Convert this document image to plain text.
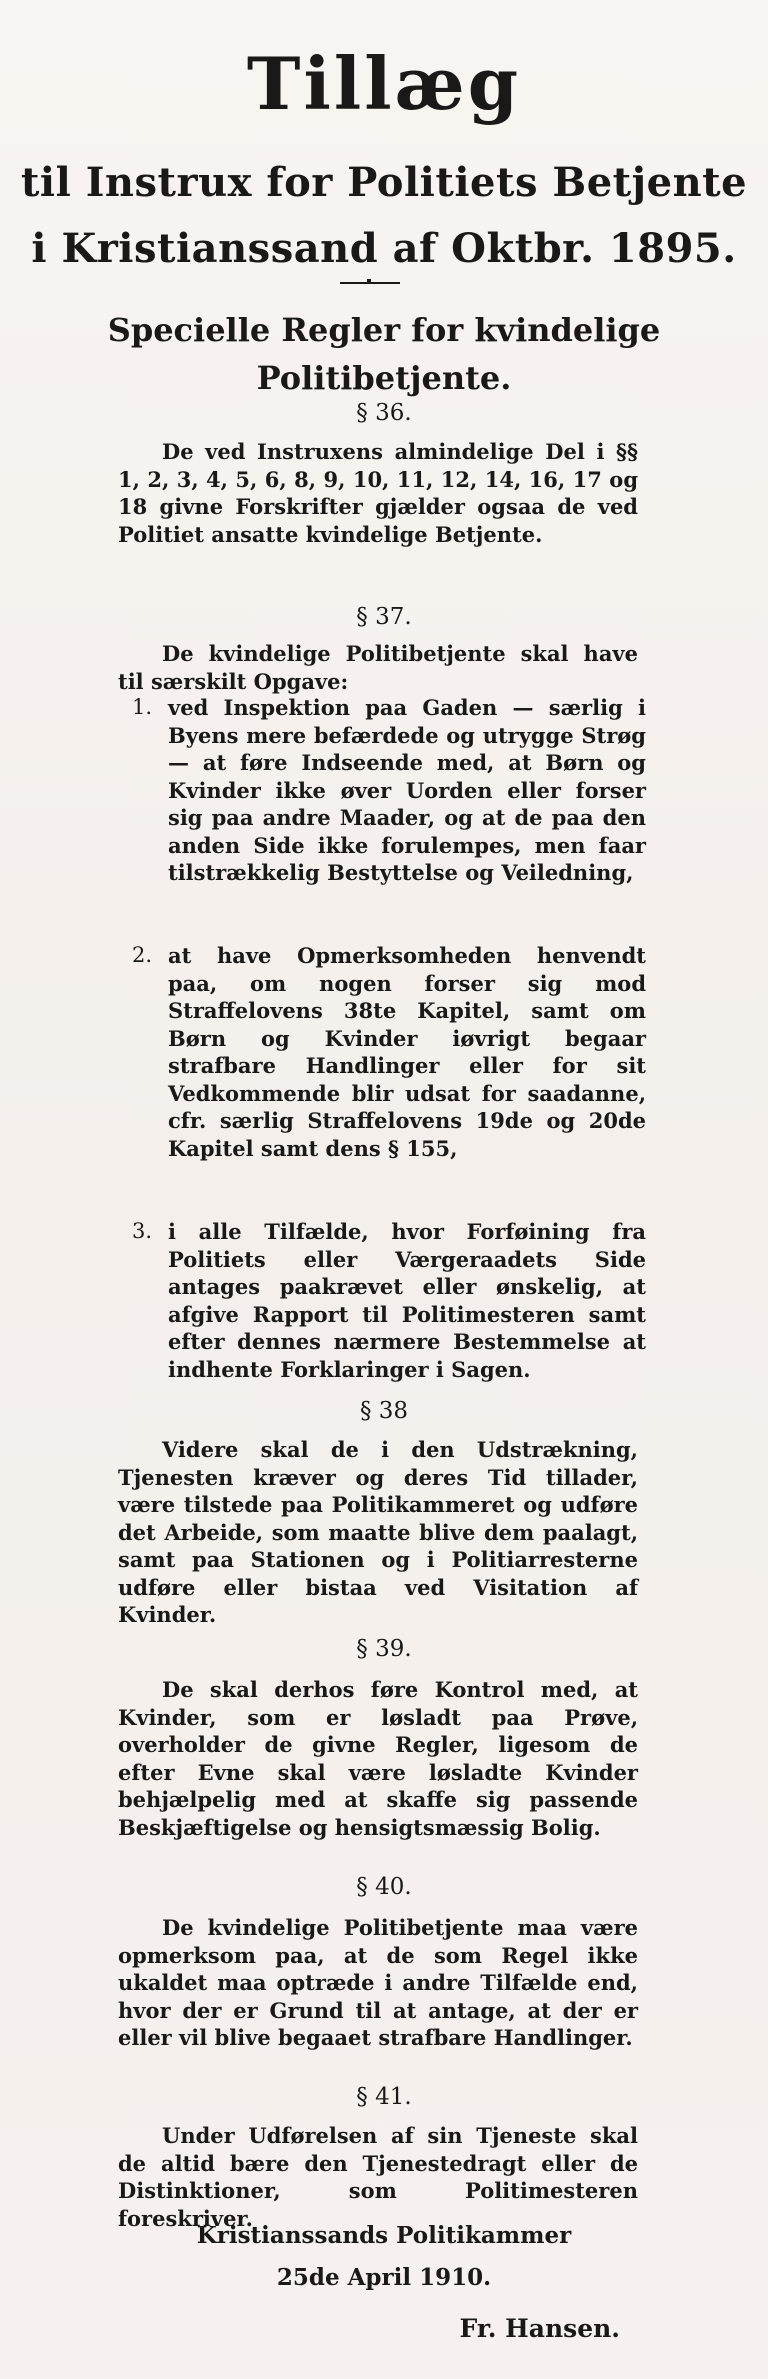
Tillæg
til Instrux for Politiets Betjente
i Kristianssand af Oktbr. 1895.
Specielle Regler for kvindelige
Politibetjente.
§ 36.
De ved Instruxens almindelige Del i §§ 1, 2, 3, 4, 5, 6, 8, 9, 10, 11, 12, 14, 16, 17 og 18 givne Forskrifter gjælder ogsaa de ved Politiet ansatte kvindelige Betjente.
§ 37.
De kvindelige Politibetjente skal have til særskilt Opgave:
1. ved Inspektion paa Gaden — særlig i Byens mere befærdede og utrygge Strøg — at føre Indseende med, at Børn og Kvinder ikke øver Uorden eller forser sig paa andre Maader, og at de paa den anden Side ikke forulempes, men faar tilstrækkelig Bestyttelse og Veiledning,
2. at have Opmerksomheden henvendt paa, om nogen forser sig mod Straffelovens 38te Kapitel, samt om Børn og Kvinder iøvrigt begaar strafbare Handlinger eller for sit Vedkommende blir udsat for saadanne, cfr. særlig Straffelovens 19de og 20de Kapitel samt dens § 155,
3. i alle Tilfælde, hvor Forføining fra Politiets eller Værgeraadets Side antages paakrævet eller ønskelig, at afgive Rapport til Politimesteren samt efter dennes nærmere Bestemmelse at indhente Forklaringer i Sagen.
§ 38
Videre skal de i den Udstrækning, Tjenesten kræver og deres Tid tillader, være tilstede paa Politikammeret og udføre det Arbeide, som maatte blive dem paalagt, samt paa Stationen og i Politiarresterne udføre eller bistaa ved Visitation af Kvinder.
§ 39.
De skal derhos føre Kontrol med, at Kvinder, som er løsladt paa Prøve, overholder de givne Regler, ligesom de efter Evne skal være løsladte Kvinder behjælpelig med at skaffe sig passende Beskjæftigelse og hensigtsmæssig Bolig.
§ 40.
De kvindelige Politibetjente maa være opmerksom paa, at de som Regel ikke ukaldet maa optræde i andre Tilfælde end, hvor der er Grund til at antage, at der er eller vil blive begaaet strafbare Handlinger.
§ 41.
Under Udførelsen af sin Tjeneste skal de altid bære den Tjenestedragt eller de Distinktioner, som Politimesteren foreskriver.
Kristianssands Politikammer
25de April 1910.
Fr. Hansen.
